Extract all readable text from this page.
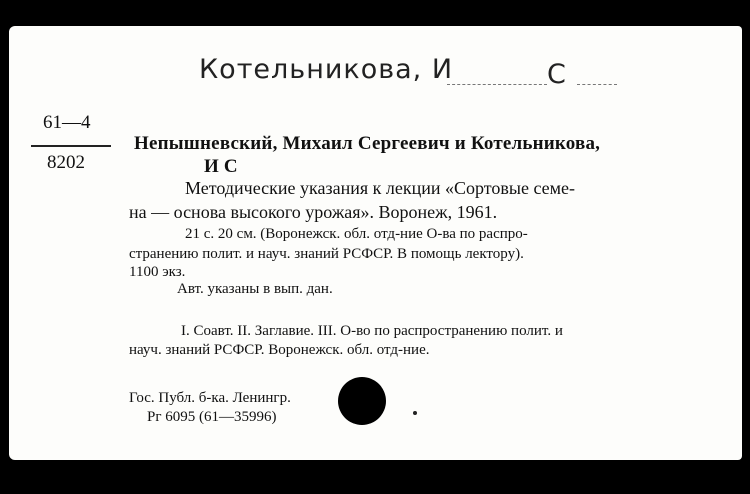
Котельникова, И	С
61—4
8202
Непышневский, Михаил Сергеевич и Котельникова,
И С
Методические указания к лекции «Сортовые семе-
на — основа высокого урожая». Воронеж, 1961.
21 с. 20 см. (Воронежск. обл. отд-ние О-ва по распро-
странению полит. и науч. знаний РСФСР. В помощь лектору).
1100 экз.
Авт. указаны в вып. дан.
I. Соавт. II. Заглавие. III. О-во по распространению полит. и
науч. знаний РСФСР. Воронежск. обл. отд-ние.
Гос. Публ. б-ка. Ленингр.
Рг 6095 (61—35996)
